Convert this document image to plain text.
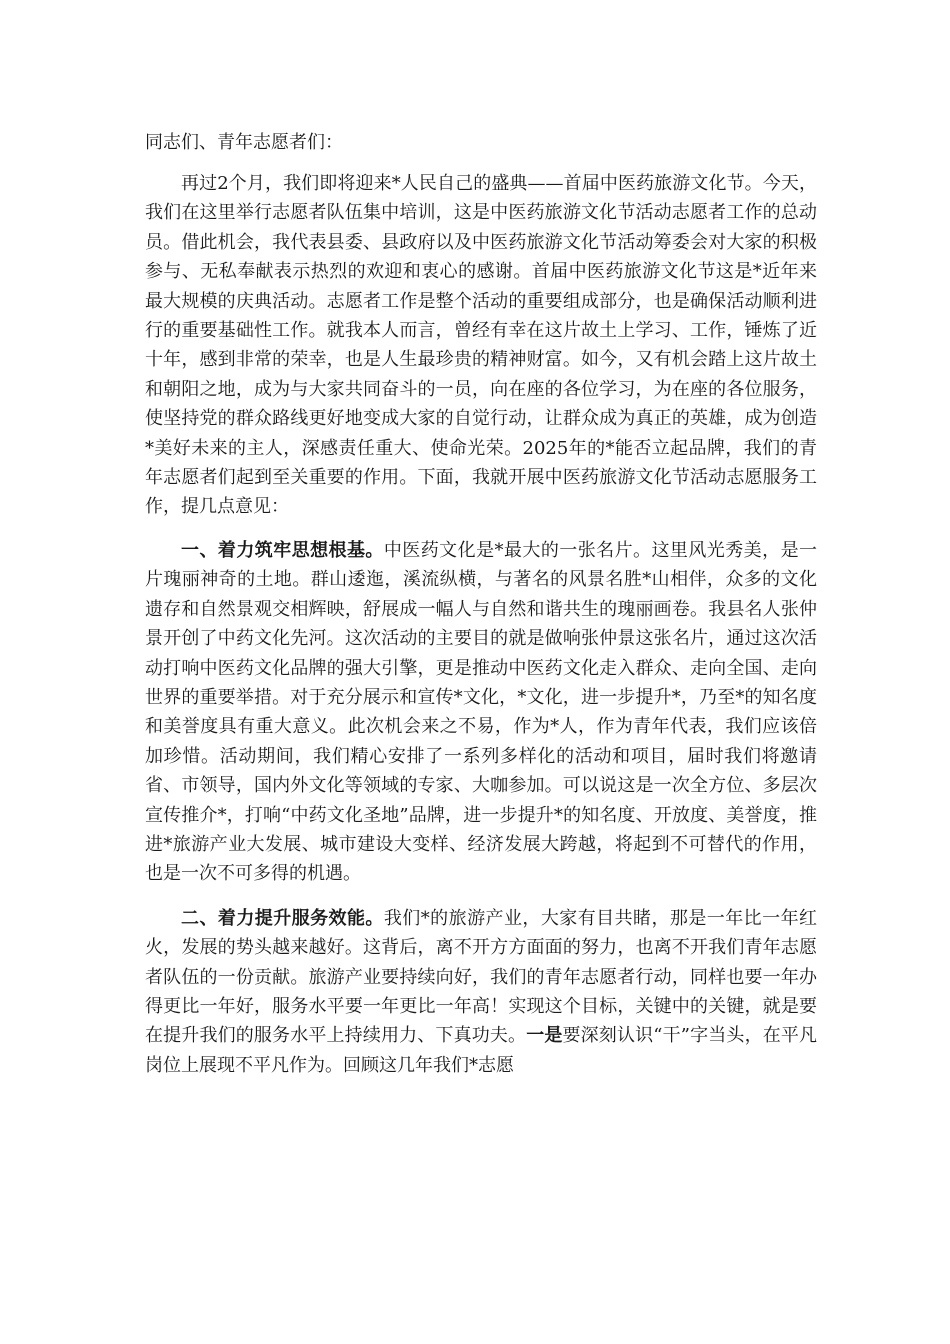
同志们、青年志愿者们：

再过2个月，我们即将迎来*人民自己的盛典——首届中医药旅游文化节。今天，我们在这里举行志愿者队伍集中培训，这是中医药旅游文化节活动志愿者工作的总动员。借此机会，我代表县委、县政府以及中医药旅游文化节活动筹委会对大家的积极参与、无私奉献表示热烈的欢迎和衷心的感谢。首届中医药旅游文化节这是*近年来最大规模的庆典活动。志愿者工作是整个活动的重要组成部分，也是确保活动顺利进行的重要基础性工作。就我本人而言，曾经有幸在这片故土上学习、工作，锤炼了近十年，感到非常的荣幸，也是人生最珍贵的精神财富。如今，又有机会踏上这片故土和朝阳之地，成为与大家共同奋斗的一员，向在座的各位学习，为在座的各位服务，使坚持党的群众路线更好地变成大家的自觉行动，让群众成为真正的英雄，成为创造*美好未来的主人，深感责任重大、使命光荣。2025年的*能否立起品牌，我们的青年志愿者们起到至关重要的作用。下面，我就开展中医药旅游文化节活动志愿服务工作，提几点意见：

一、着力筑牢思想根基。中医药文化是*最大的一张名片。这里风光秀美，是一片瑰丽神奇的土地。群山逶迤，溪流纵横，与著名的风景名胜*山相伴，众多的文化遗存和自然景观交相辉映，舒展成一幅人与自然和谐共生的瑰丽画卷。我县名人张仲景开创了中药文化先河。这次活动的主要目的就是做响张仲景这张名片，通过这次活动打响中医药文化品牌的强大引擎，更是推动中医药文化走入群众、走向全国、走向世界的重要举措。对于充分展示和宣传*文化，*文化，进一步提升*，乃至*的知名度和美誉度具有重大意义。此次机会来之不易，作为*人，作为青年代表，我们应该倍加珍惜。活动期间，我们精心安排了一系列多样化的活动和项目，届时我们将邀请省、市领导，国内外文化等领域的专家、大咖参加。可以说这是一次全方位、多层次宣传推介*，打响“中药文化圣地”品牌，进一步提升*的知名度、开放度、美誉度，推进*旅游产业大发展、城市建设大变样、经济发展大跨越，将起到不可替代的作用，也是一次不可多得的机遇。

二、着力提升服务效能。我们*的旅游产业，大家有目共睹，那是一年比一年红火，发展的势头越来越好。这背后，离不开方方面面的努力，也离不开我们青年志愿者队伍的一份贡献。旅游产业要持续向好，我们的青年志愿者行动，同样也要一年办得更比一年好，服务水平要一年更比一年高！实现这个目标，关键中的关键，就是要在提升我们的服务水平上持续用力、下真功夫。一是要深刻认识“干”字当头，在平凡岗位上展现不平凡作为。回顾这几年我们*志愿
